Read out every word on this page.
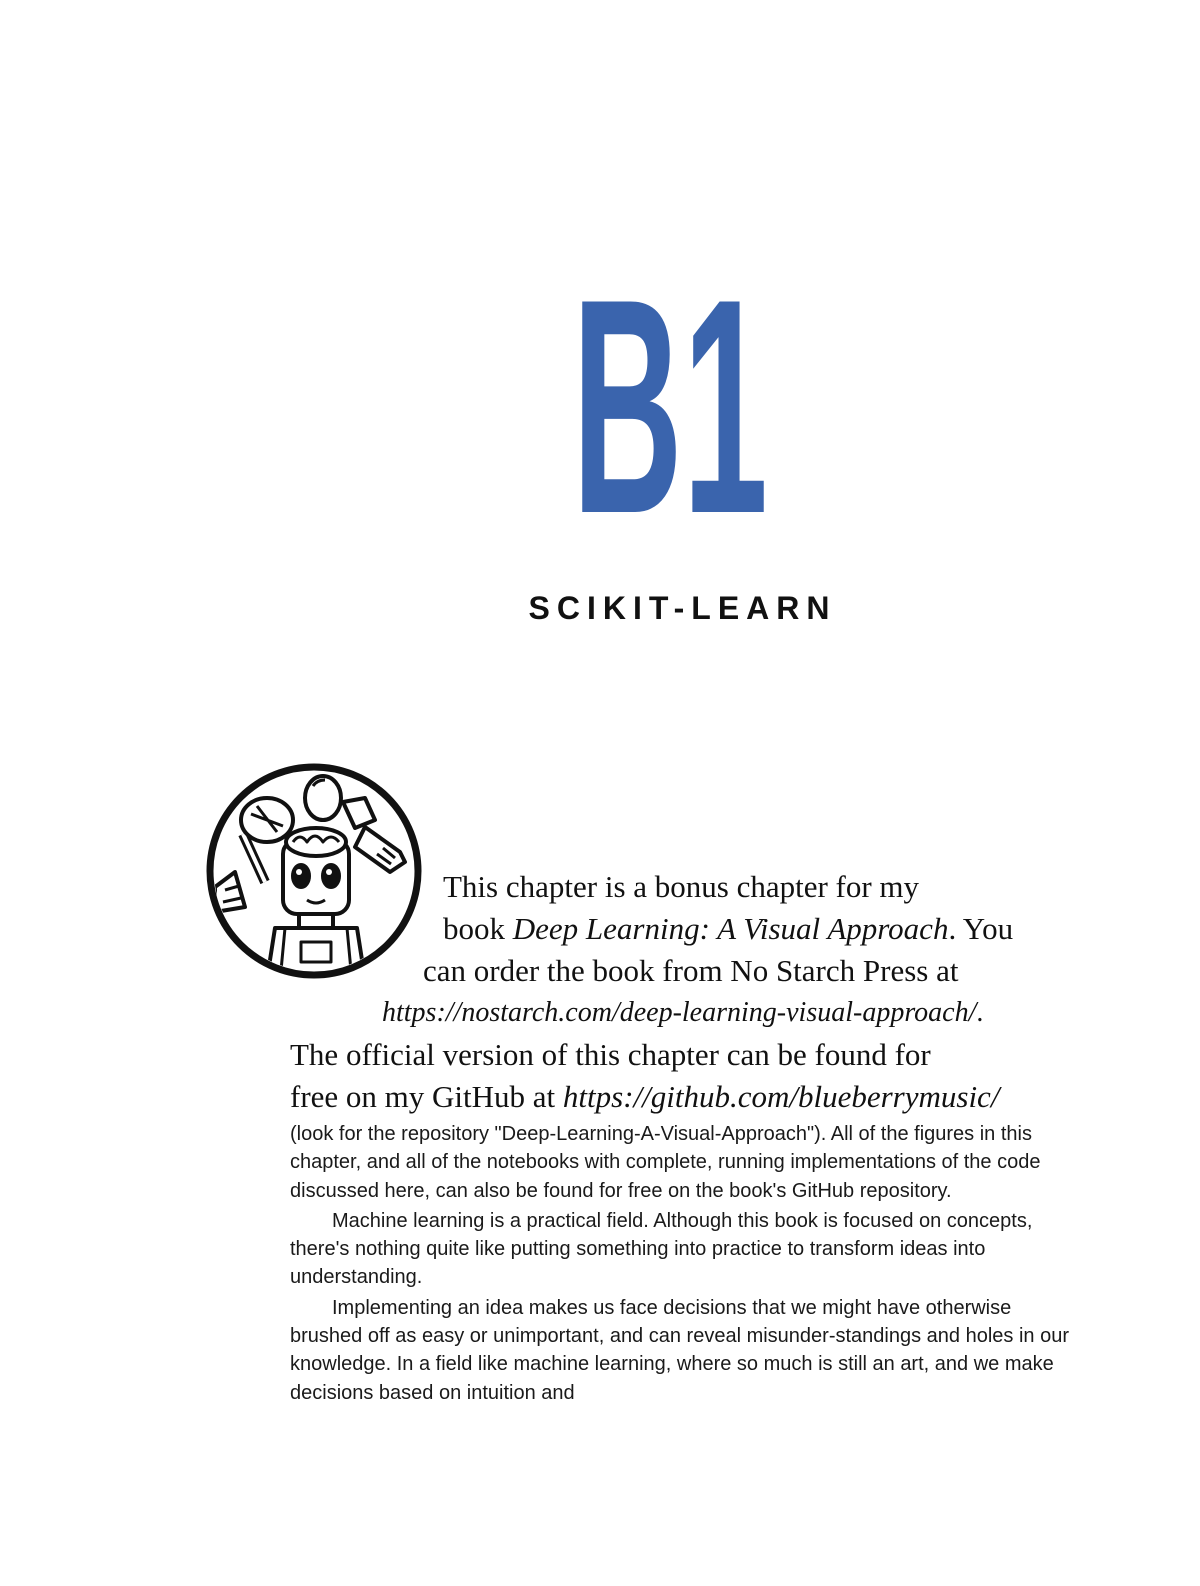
B1
SCIKIT-LEARN
This chapter is a bonus chapter for my
book Deep Learning: A Visual Approach. You
can order the book from No Starch Press at
https://nostarch.com/deep-learning-visual-approach/.
The official version of this chapter can be found for
free on my GitHub at https://github.com/blueberrymusic/

(look for the repository "Deep-Learning-A-Visual-Approach"). All of the figures in this chapter, and all of the notebooks with complete, running implementations of the code discussed here, can also be found for free on the book's GitHub repository.

Machine learning is a practical field. Although this book is focused on concepts, there's nothing quite like putting something into practice to transform ideas into understanding.

Implementing an idea makes us face decisions that we might have otherwise brushed off as easy or unimportant, and can reveal misunder-standings and holes in our knowledge. In a field like machine learning, where so much is still an art, and we make decisions based on intuition and
